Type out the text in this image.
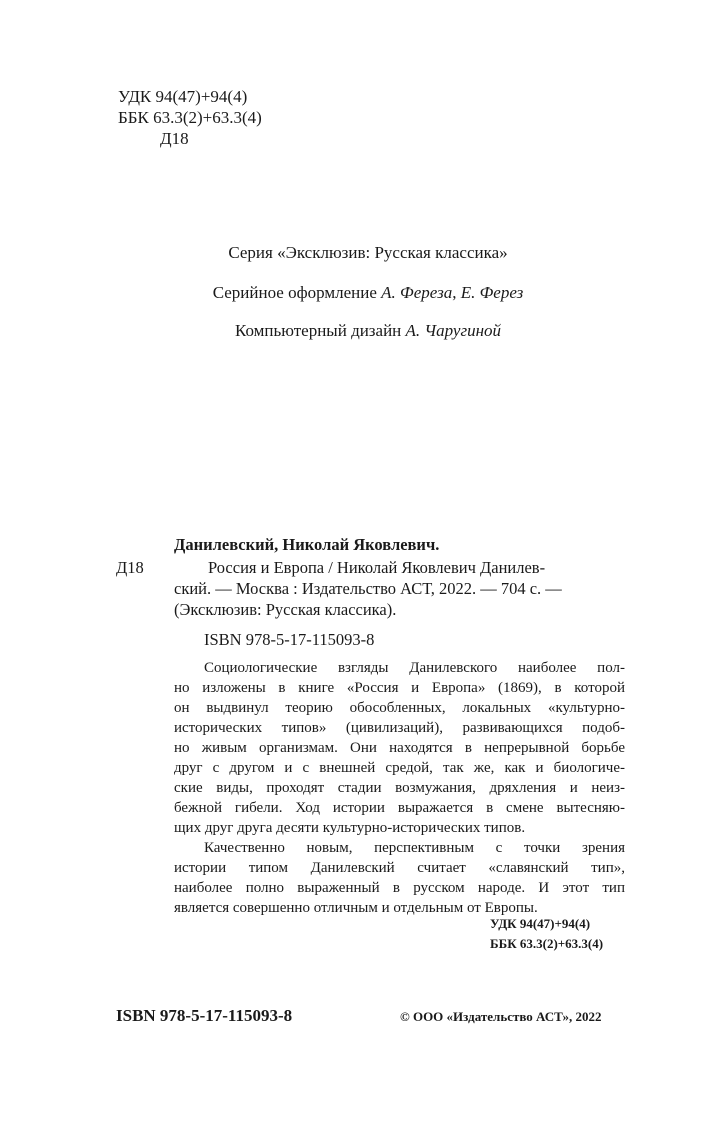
УДК 94(47)+94(4)
ББК 63.3(2)+63.3(4)
Д18
Серия «Эксклюзив: Русская классика»
Серийное оформление А. Фереза, Е. Ферез
Компьютерный дизайн А. Чаругиной
Данилевский, Николай Яковлевич.
Д18	Россия и Европа / Николай Яковлевич Данилев-
ский. — Москва : Издательство АСТ, 2022. — 704 с. —
(Эксклюзив: Русская классика).
ISBN 978-5-17-115093-8

Социологические взгляды Данилевского наиболее пол-

но изложены в книге «Россия и Европа» (1869), в которой

он выдвинул теорию обособленных, локальных «культурно-

исторических типов» (цивилизаций), развивающихся подоб-

но живым организмам. Они находятся в непрерывной борьбе

друг с другом и с внешней средой, так же, как и биологиче-

ские виды, проходят стадии возмужания, дряхления и неиз-

бежной гибели. Ход истории выражается в смене вытесняю-

щих друг друга десяти культурно-исторических типов.

Качественно новым, перспективным с точки зрения

истории типом Данилевский считает «славянский тип»,

наиболее полно выраженный в русском народе. И этот тип

является совершенно отличным и отдельным от Европы.

УДК 94(47)+94(4)
ББК 63.3(2)+63.3(4)
ISBN 978-5-17-115093-8	© ООО «Издательство АСТ», 2022
